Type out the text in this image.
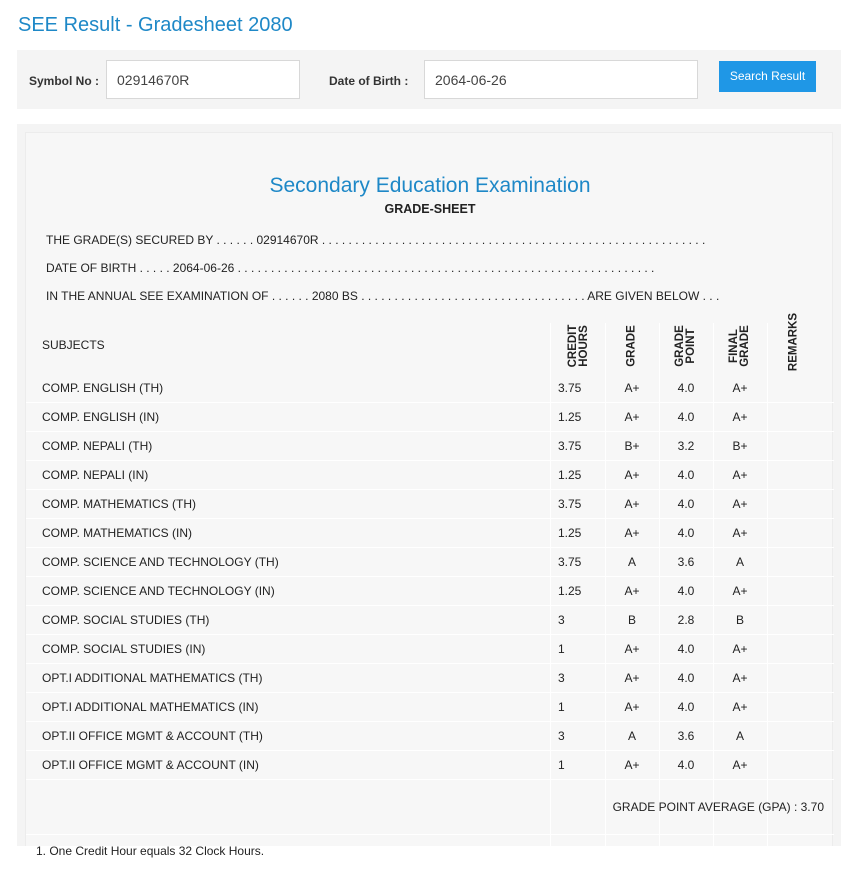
SEE Result - Gradesheet 2080
Symbol No :	02914670R	Date of Birth :	2064-06-26	Search Result
Secondary Education Examination
GRADE-SHEET
THE GRADE(S) SECURED BY . . . . . . 02914670R . . . . . . . . . . . . . . . . . . . . . . . . . . . . . . . . . . . . . . . . . . . . . . . . . . . . . . . . . .
DATE OF BIRTH . . . . . 2064-06-26 . . . . . . . . . . . . . . . . . . . . . . . . . . . . . . . . . . . . . . . . . . . . . . . . . . . . . . . . . . . . . . .
IN THE ANNUAL SEE EXAMINATION OF . . . . . . 2080 BS . . . . . . . . . . . . . . . . . . . . . . . . . . . . . . . . . . ARE GIVEN BELOW . . .
SUBJECTS	CREDIT HOURS	GRADE	GRADE POINT	FINAL GRADE	REMARKS
COMP. ENGLISH (TH)	3.75	A+	4.0	A+
COMP. ENGLISH (IN)	1.25	A+	4.0	A+
COMP. NEPALI (TH)	3.75	B+	3.2	B+
COMP. NEPALI (IN)	1.25	A+	4.0	A+
COMP. MATHEMATICS (TH)	3.75	A+	4.0	A+
COMP. MATHEMATICS (IN)	1.25	A+	4.0	A+
COMP. SCIENCE AND TECHNOLOGY (TH)	3.75	A	3.6	A
COMP. SCIENCE AND TECHNOLOGY (IN)	1.25	A+	4.0	A+
COMP. SOCIAL STUDIES (TH)	3	B	2.8	B
COMP. SOCIAL STUDIES (IN)	1	A+	4.0	A+
OPT.I ADDITIONAL MATHEMATICS (TH)	3	A+	4.0	A+
OPT.I ADDITIONAL MATHEMATICS (IN)	1	A+	4.0	A+
OPT.II OFFICE MGMT & ACCOUNT (TH)	3	A	3.6	A
OPT.II OFFICE MGMT & ACCOUNT (IN)	1	A+	4.0	A+
GRADE POINT AVERAGE (GPA) : 3.70
1. One Credit Hour equals 32 Clock Hours.
